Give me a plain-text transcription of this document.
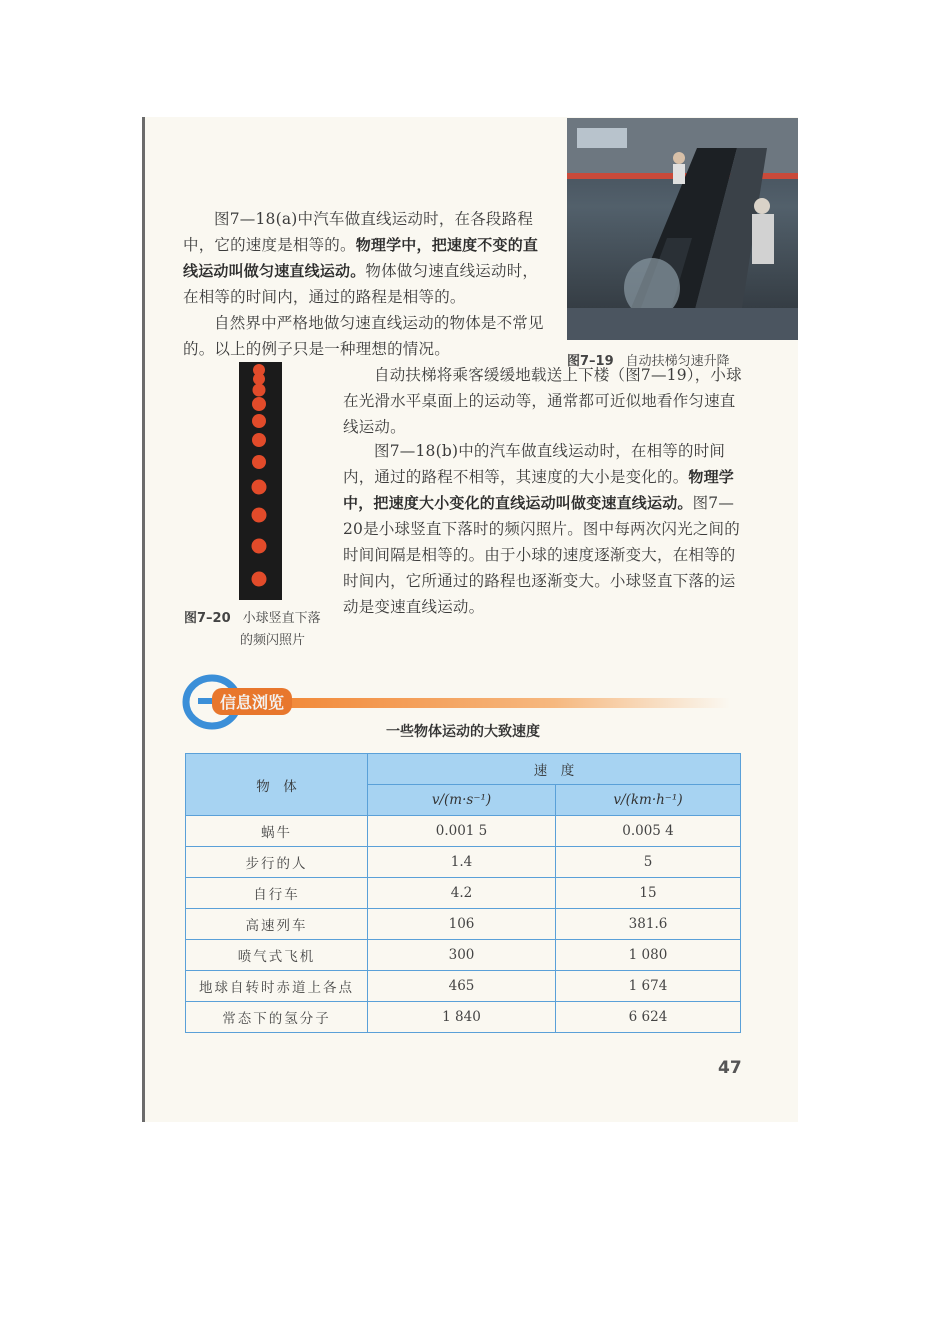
图7—18(a)中汽车做直线运动时，在各段路程中，它的速度是相等的。物理学中，把速度不变的直线运动叫做匀速直线运动。物体做匀速直线运动时，在相等的时间内，通过的路程是相等的。
自然界中严格地做匀速直线运动的物体是不常见的。以上的例子只是一种理想的情况。
图7–19 自动扶梯匀速升降
图7–20 小球竖直下落
的频闪照片
自动扶梯将乘客缓缓地载送上下楼（图7—19），小球在光滑水平桌面上的运动等，通常都可近似地看作匀速直线运动。
图7—18(b)中的汽车做直线运动时，在相等的时间内，通过的路程不相等，其速度的大小是变化的。物理学中，把速度大小变化的直线运动叫做变速直线运动。图7—20是小球竖直下落时的频闪照片。图中每两次闪光之间的时间间隔是相等的。由于小球的速度逐渐变大，在相等的时间内，它所通过的路程也逐渐变大。小球竖直下落的运动是变速直线运动。
信息浏览
一些物体运动的大致速度
物　体	速　度	
	v/(m·s⁻¹)	v/(km·h⁻¹)
蜗牛	0.001 5	0.005 4
步行的人	1.4	5
自行车	4.2	15
高速列车	106	381.6
喷气式飞机	300	1 080
地球自转时赤道上各点	465	1 674
常态下的氢分子	1 840	6 624
47
